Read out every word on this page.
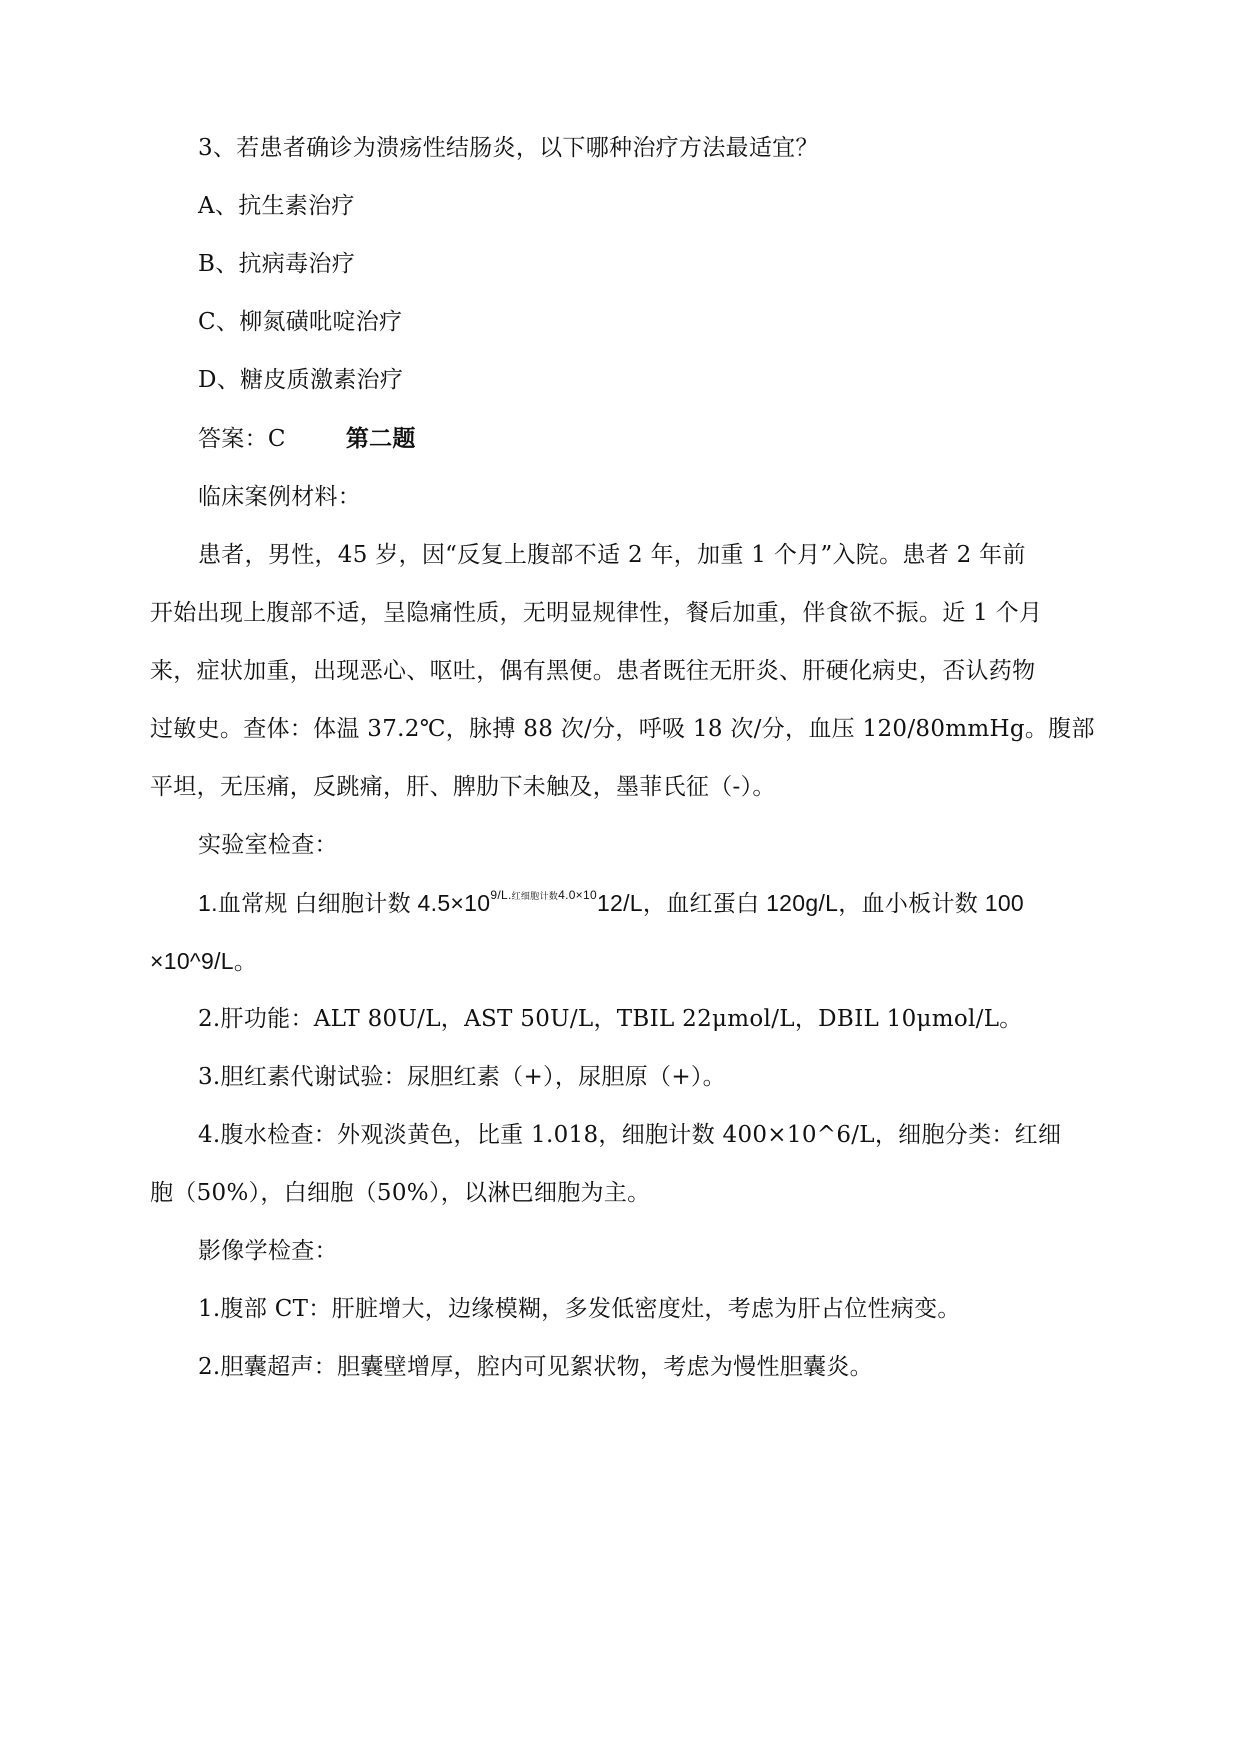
3、若患者确诊为溃疡性结肠炎，以下哪种治疗方法最适宜？
A、抗生素治疗
B、抗病毒治疗
C、柳氮磺吡啶治疗
D、糖皮质激素治疗
答案：C	第二题
临床案例材料：
患者，男性，45 岁，因“反复上腹部不适 2 年，加重 1 个月”入院。患者 2 年前
开始出现上腹部不适，呈隐痛性质，无明显规律性，餐后加重，伴食欲不振。近 1 个月
来，症状加重，出现恶心、呕吐，偶有黑便。患者既往无肝炎、肝硬化病史，否认药物
过敏史。查体：体温 37.2℃，脉搏 88 次/分，呼吸 18 次/分，血压 120/80mmHg。腹部
平坦，无压痛，反跳痛，肝、脾肋下未触及，墨菲氏征（-）。
实验室检查：
1.血常规 白细胞计数 $4.5\times 10^{9/L.红细胞计数4.0\times 10}12/L$，血红蛋白 120g/L，血小板计数 100
×10^9/L。
2.肝功能：ALT 80U/L，AST 50U/L，TBIL 22μmol/L，DBIL 10μmol/L。
3.胆红素代谢试验：尿胆红素（+），尿胆原（+）。
4.腹水检查：外观淡黄色，比重 1.018，细胞计数 400×10^6/L，细胞分类：红细
胞（50%），白细胞（50%），以淋巴细胞为主。
影像学检查：
1.腹部 CT：肝脏增大，边缘模糊，多发低密度灶，考虑为肝占位性病变。
2.胆囊超声：胆囊壁增厚，腔内可见絮状物，考虑为慢性胆囊炎。
